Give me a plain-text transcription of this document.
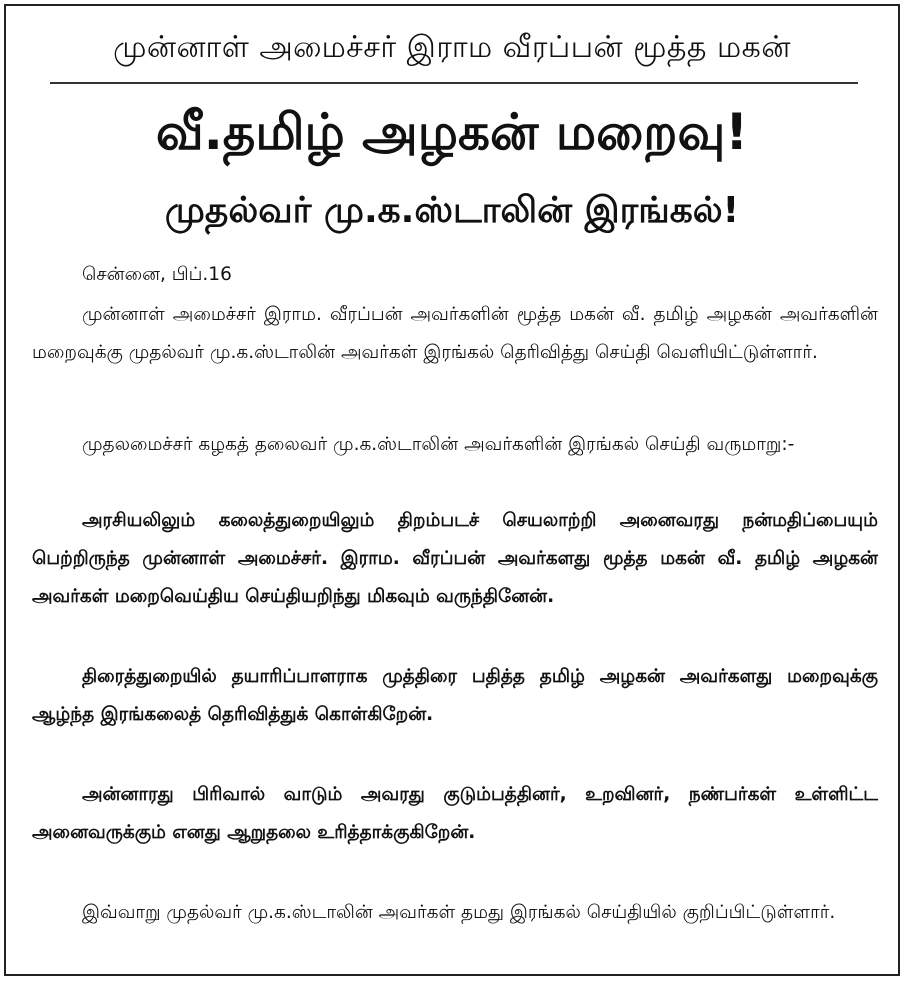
முன்னாள் அமைச்சர் இராம வீரப்பன் மூத்த மகன்
வீ.தமிழ் அழகன் மறைவு!
முதல்வர் மு.க.ஸ்டாலின் இரங்கல்!
சென்னை, பிப்.16
முன்னாள் அமைச்சர் இராம. வீரப்பன் அவர்களின் மூத்த மகன் வீ. தமிழ் அழகன் அவர்களின் மறைவுக்கு முதல்வர் மு.க.ஸ்டாலின் அவர்கள் இரங்கல் தெரிவித்து செய்தி வெளியிட்டுள்ளார்.
முதலமைச்சர் கழகத் தலைவர் மு.க.ஸ்டாலின் அவர்களின் இரங்கல் செய்தி வருமாறு:-
அரசியலிலும் கலைத்துறையிலும் திறம்படச் செயலாற்றி அனைவரது நன்மதிப்பையும் பெற்றிருந்த முன்னாள் அமைச்சர். இராம. வீரப்பன் அவர்களது மூத்த மகன் வீ. தமிழ் அழகன் அவர்கள் மறைவெய்திய செய்தியறிந்து மிகவும் வருந்தினேன்.
திரைத்துறையில் தயாரிப்பாளராக முத்திரை பதித்த தமிழ் அழகன் அவர்களது மறைவுக்கு ஆழ்ந்த இரங்கலைத் தெரிவித்துக் கொள்கிறேன்.
அன்னாரது பிரிவால் வாடும் அவரது குடும்பத்தினர், உறவினர், நண்பர்கள் உள்ளிட்ட அனைவருக்கும் எனது ஆறுதலை உரித்தாக்குகிறேன்.
இவ்வாறு முதல்வர் மு.க.ஸ்டாலின் அவர்கள் தமது இரங்கல் செய்தியில் குறிப்பிட்டுள்ளார்.
